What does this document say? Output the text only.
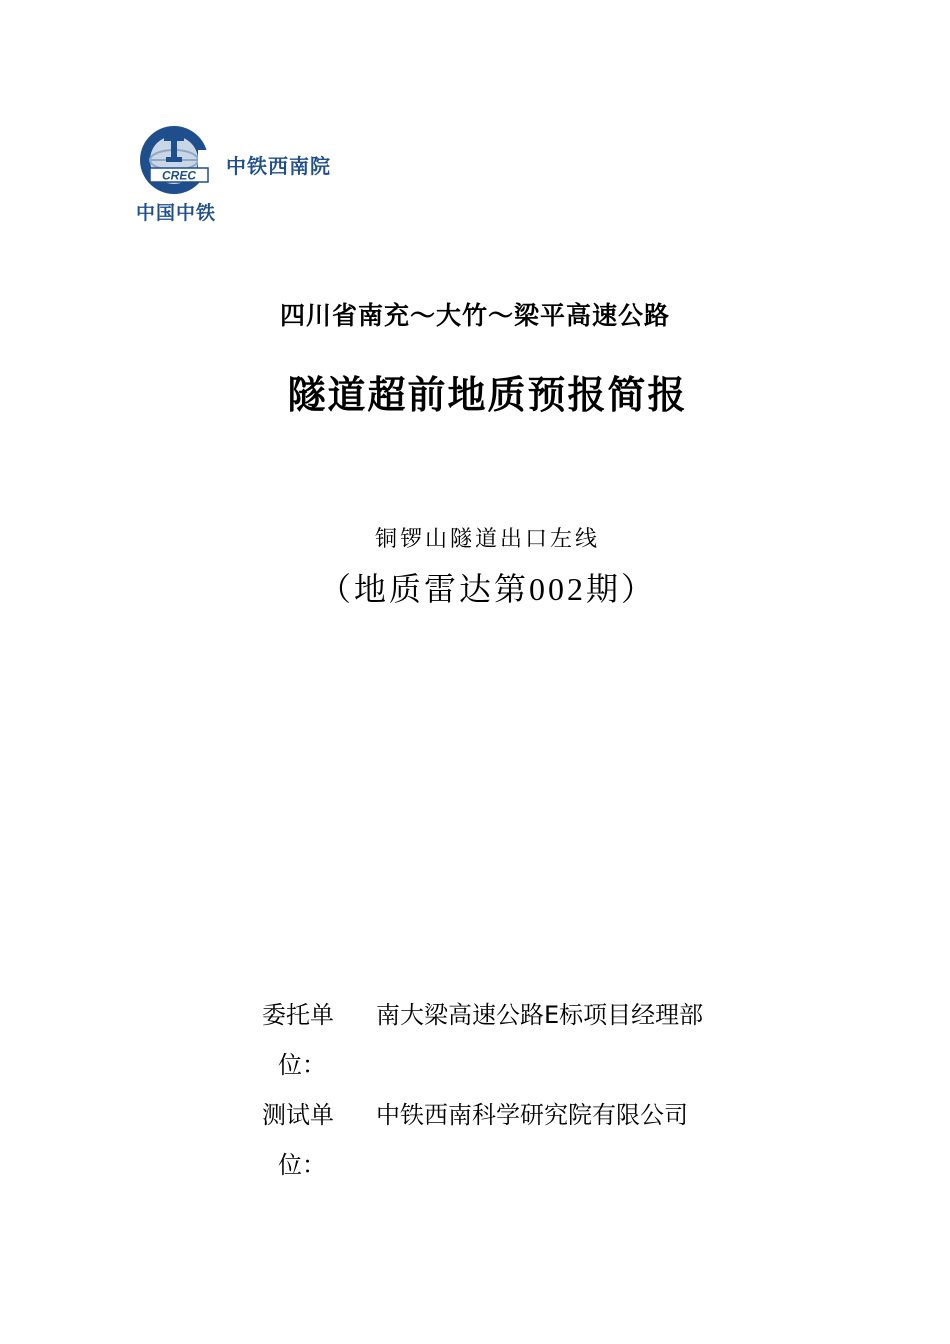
CREC 中铁西南院
中国中铁
四川省南充～大竹～梁平高速公路
隧道超前地质预报简报
铜锣山隧道出口左线
（地质雷达第002期）
委托单
位：
南大梁高速公路E标项目经理部
测试单
位：
中铁西南科学研究院有限公司
